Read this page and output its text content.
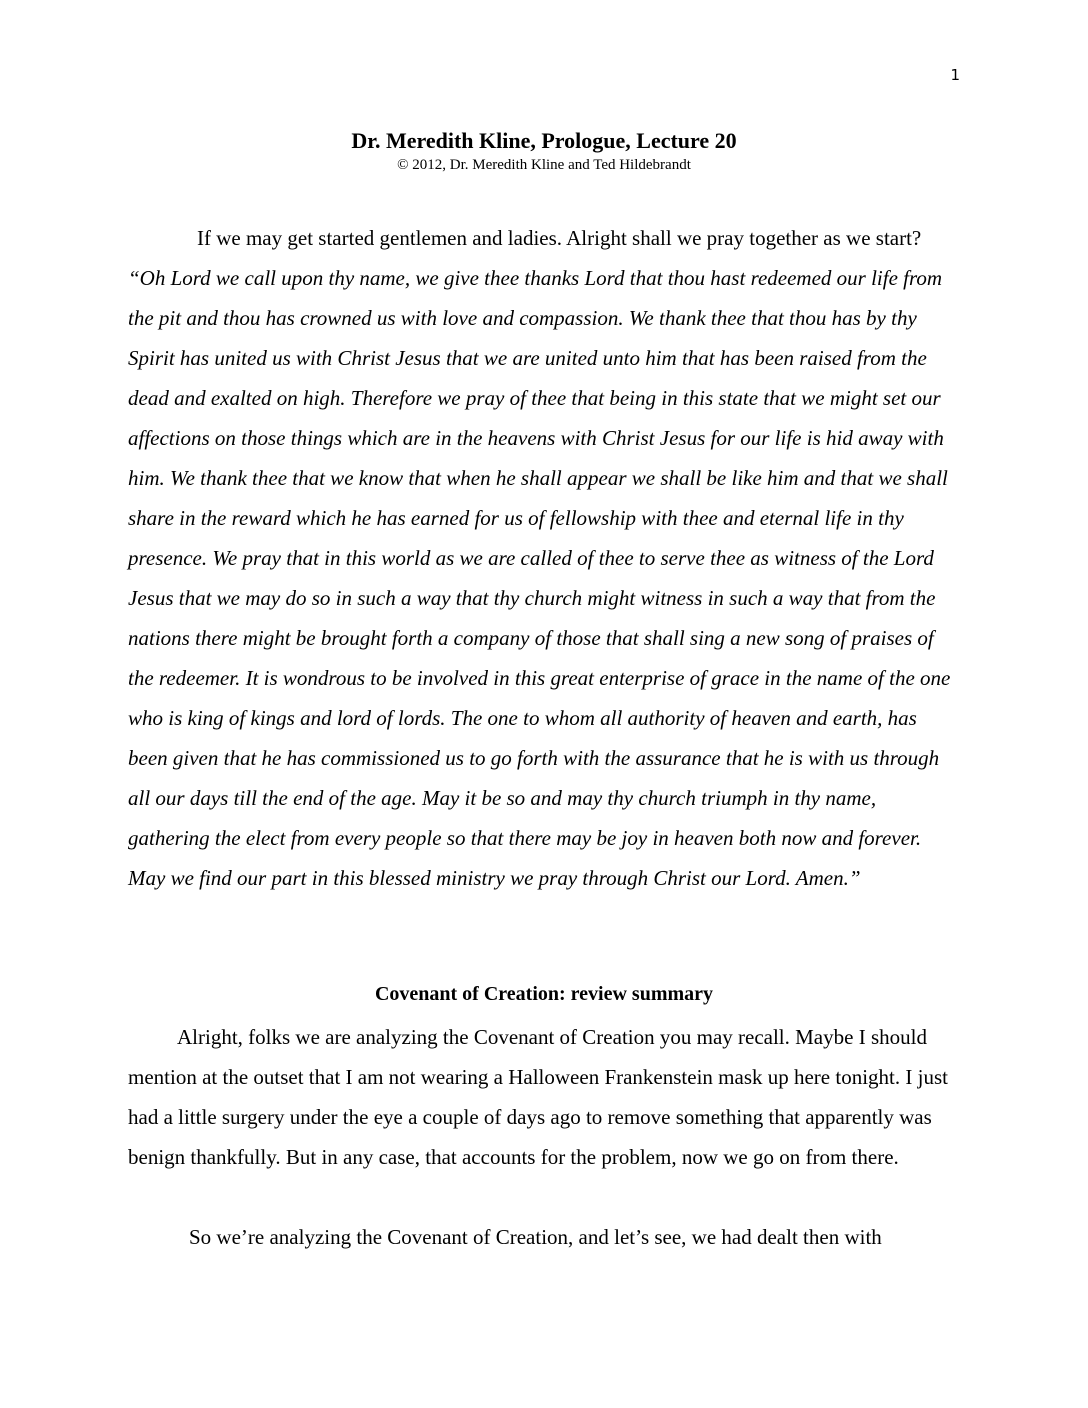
1
Dr. Meredith Kline, Prologue, Lecture 20
© 2012, Dr. Meredith Kline and Ted Hildebrandt
If we may get started gentlemen and ladies. Alright shall we pray together as we start? “Oh Lord we call upon thy name, we give thee thanks Lord that thou hast redeemed our life from the pit and thou has crowned us with love and compassion. We thank thee that thou has by thy Spirit has united us with Christ Jesus that we are united unto him that has been raised from the dead and exalted on high. Therefore we pray of thee that being in this state that we might set our affections on those things which are in the heavens with Christ Jesus for our life is hid away with him. We thank thee that we know that when he shall appear we shall be like him and that we shall share in the reward which he has earned for us of fellowship with thee and eternal life in thy presence. We pray that in this world as we are called of thee to serve thee as witness of the Lord Jesus that we may do so in such a way that thy church might witness in such a way that from the nations there might be brought forth a company of those that shall sing a new song of praises of the redeemer. It is wondrous to be involved in this great enterprise of grace in the name of the one who is king of kings and lord of lords. The one to whom all authority of heaven and earth, has been given that he has commissioned us to go forth with the assurance that he is with us through all our days till the end of the age. May it be so and may thy church triumph in thy name, gathering the elect from every people so that there may be joy in heaven both now and forever. May we find our part in this blessed ministry we pray through Christ our Lord. Amen.”
Covenant of Creation: review summary
Alright, folks we are analyzing the Covenant of Creation you may recall. Maybe I should mention at the outset that I am not wearing a Halloween Frankenstein mask up here tonight. I just had a little surgery under the eye a couple of days ago to remove something that apparently was benign thankfully. But in any case, that accounts for the problem, now we go on from there.
So we’re analyzing the Covenant of Creation, and let’s see, we had dealt then with
